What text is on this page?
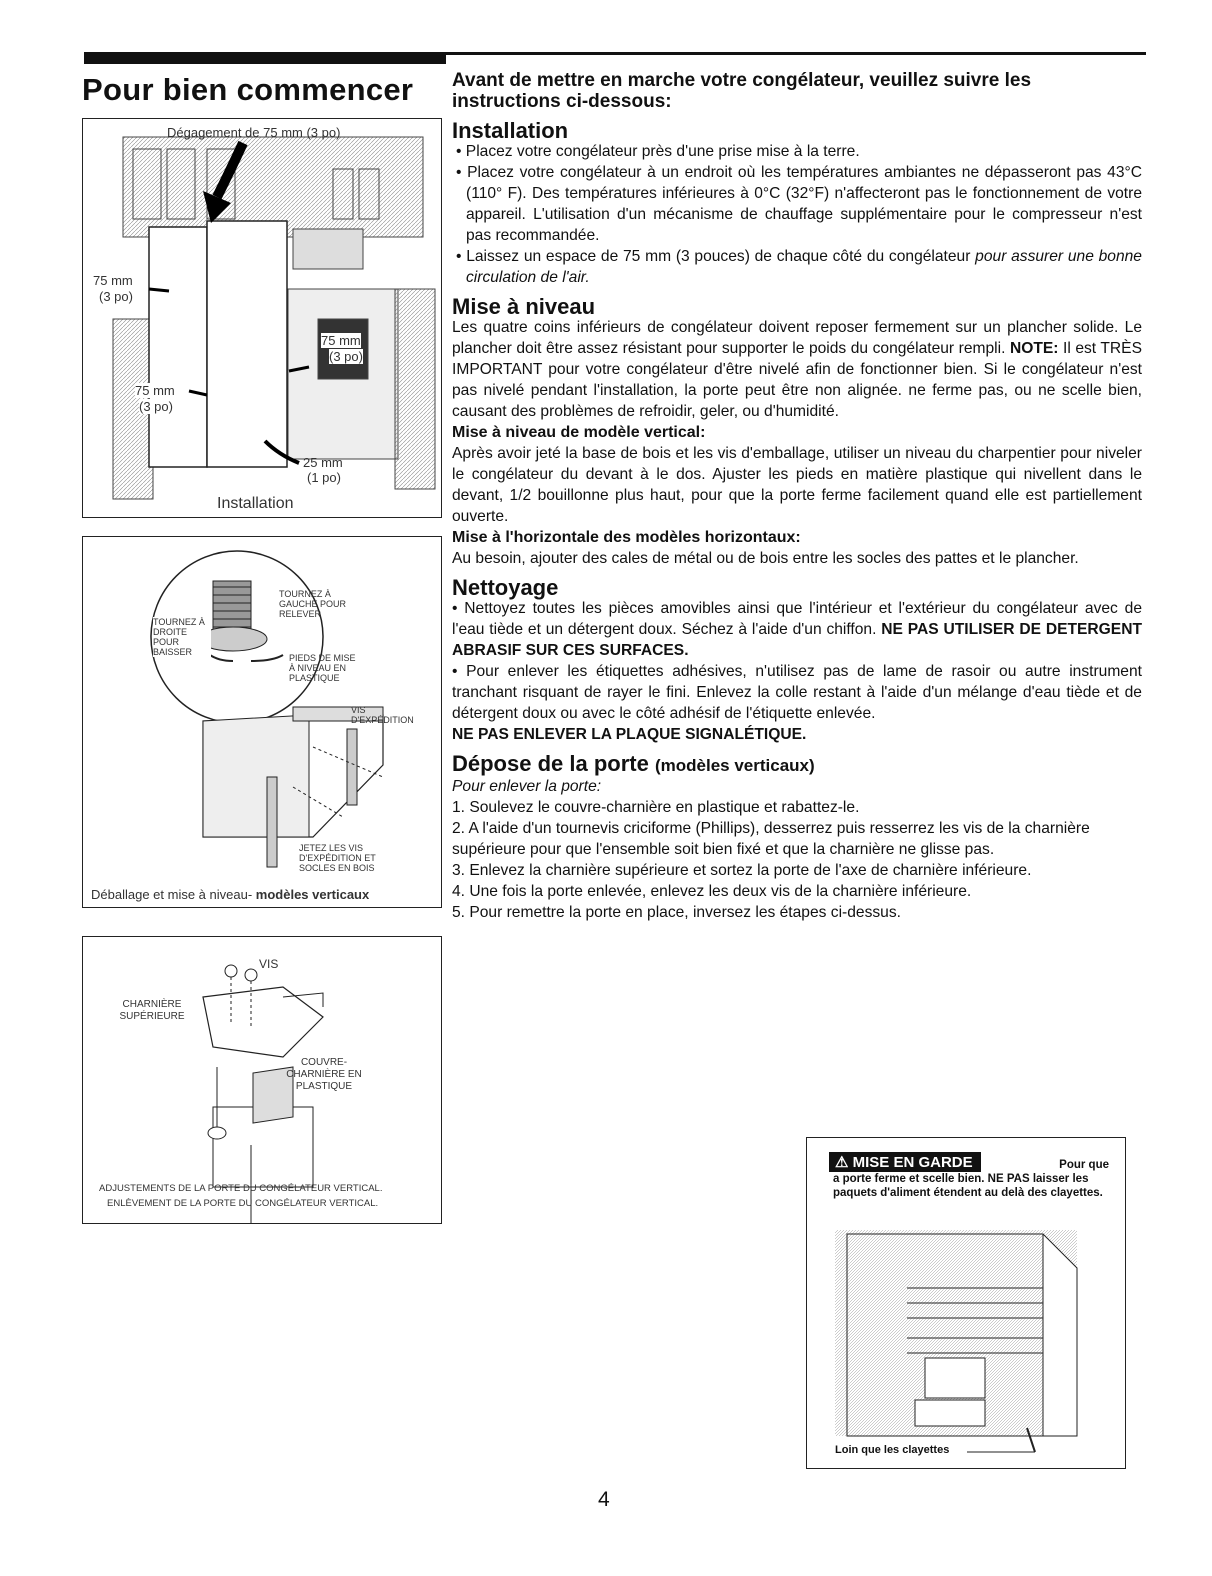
Pour bien commencer
Dégagement de 75 mm (3 po)
75 mm
(3 po)
75 mm
(3 po)
75 mm
(3 po)
25 mm
(1 po)
Installation
TOURNEZ À GAUCHE POUR RELEVER
TOURNEZ À DROITE POUR BAISSER
PIEDS DE MISE À NIVEAU EN PLASTIQUE
VIS D'EXPÉDITION
JETEZ LES VIS D'EXPÉDITION ET SOCLES EN BOIS
Déballage et mise à niveau- modèles verticaux
VIS
CHARNIÈRE SUPÉRIEURE
COUVRE-CHARNIÈRE EN PLASTIQUE
ADJUSTEMENTS DE LA PORTE DU CONGÉLATEUR VERTICAL.
ENLÈVEMENT DE LA PORTE DU CONGÉLATEUR VERTICAL.
Avant de mettre en marche votre congélateur, veuillez suivre les instructions ci-dessous:
Installation

• Placez votre congélateur près d'une prise mise à la terre.

• Placez votre congélateur à un endroit où les températures ambiantes ne dépasseront pas 43°C (110° F). Des températures inférieures à 0°C (32°F) n'affecteront pas le fonctionnement de votre appareil. L'utilisation d'un mécanisme de chauffage supplémentaire pour le compresseur n'est pas recommandée.

• Laissez un espace de 75 mm (3 pouces) de chaque côté du congélateur pour assurer une bonne circulation de l'air.

Mise à niveau

Les quatre coins inférieurs de congélateur doivent reposer fermement sur un plancher solide. Le plancher doit être assez résistant pour supporter le poids du congélateur rempli. NOTE: Il est TRÈS IMPORTANT pour votre congélateur d'être nivelé afin de fonctionner bien. Si le congélateur n'est pas nivelé pendant l'installation, la porte peut être non alignée. ne ferme pas, ou ne scelle bien, causant des problèmes de refroidir, geler, ou d'humidité.

Mise à niveau de modèle vertical:

Après avoir jeté la base de bois et les vis d'emballage, utiliser un niveau du charpentier pour niveler le congélateur du devant à le dos. Ajuster les pieds en matière plastique qui nivellent dans le devant, 1/2 bouillonne plus haut, pour que la porte ferme facilement quand elle est partiellement ouverte.

Mise à l'horizontale des modèles horizontaux:

Au besoin, ajouter des cales de métal ou de bois entre les socles des pattes et le plancher.

Nettoyage

• Nettoyez toutes les pièces amovibles ainsi que l'intérieur et l'extérieur du congélateur avec de l'eau tiède et un détergent doux. Séchez à l'aide d'un chiffon. NE PAS UTILISER DE DETERGENT ABRASIF SUR CES SURFACES.

• Pour enlever les étiquettes adhésives, n'utilisez pas de lame de rasoir ou autre instrument tranchant risquant de rayer le fini. Enlevez la colle restant à l'aide d'un mélange d'eau tiède et de détergent doux ou avec le côté adhésif de l'étiquette enlevée.

NE PAS ENLEVER LA PLAQUE SIGNALÉTIQUE.

Dépose de la porte (modèles verticaux)

Pour enlever la porte:

1. Soulevez le couvre-charnière en plastique et rabattez-le.

2. A l'aide d'un tournevis criciforme (Phillips), desserrez puis resserrez les vis de la charnière supérieure pour que l'ensemble soit bien fixé et que la charnière ne glisse pas.

3. Enlevez la charnière supérieure et sortez la porte de l'axe de charnière inférieure.

4. Une fois la porte enlevée, enlevez les deux vis de la charnière inférieure.

5. Pour remettre la porte en place, inversez les étapes ci-dessus.

⚠ MISE EN GARDE	Pour que
a porte ferme et scelle bien. NE PAS laisser les paquets d'aliment étendent au delà des clayettes.
Loin que les clayettes
4
